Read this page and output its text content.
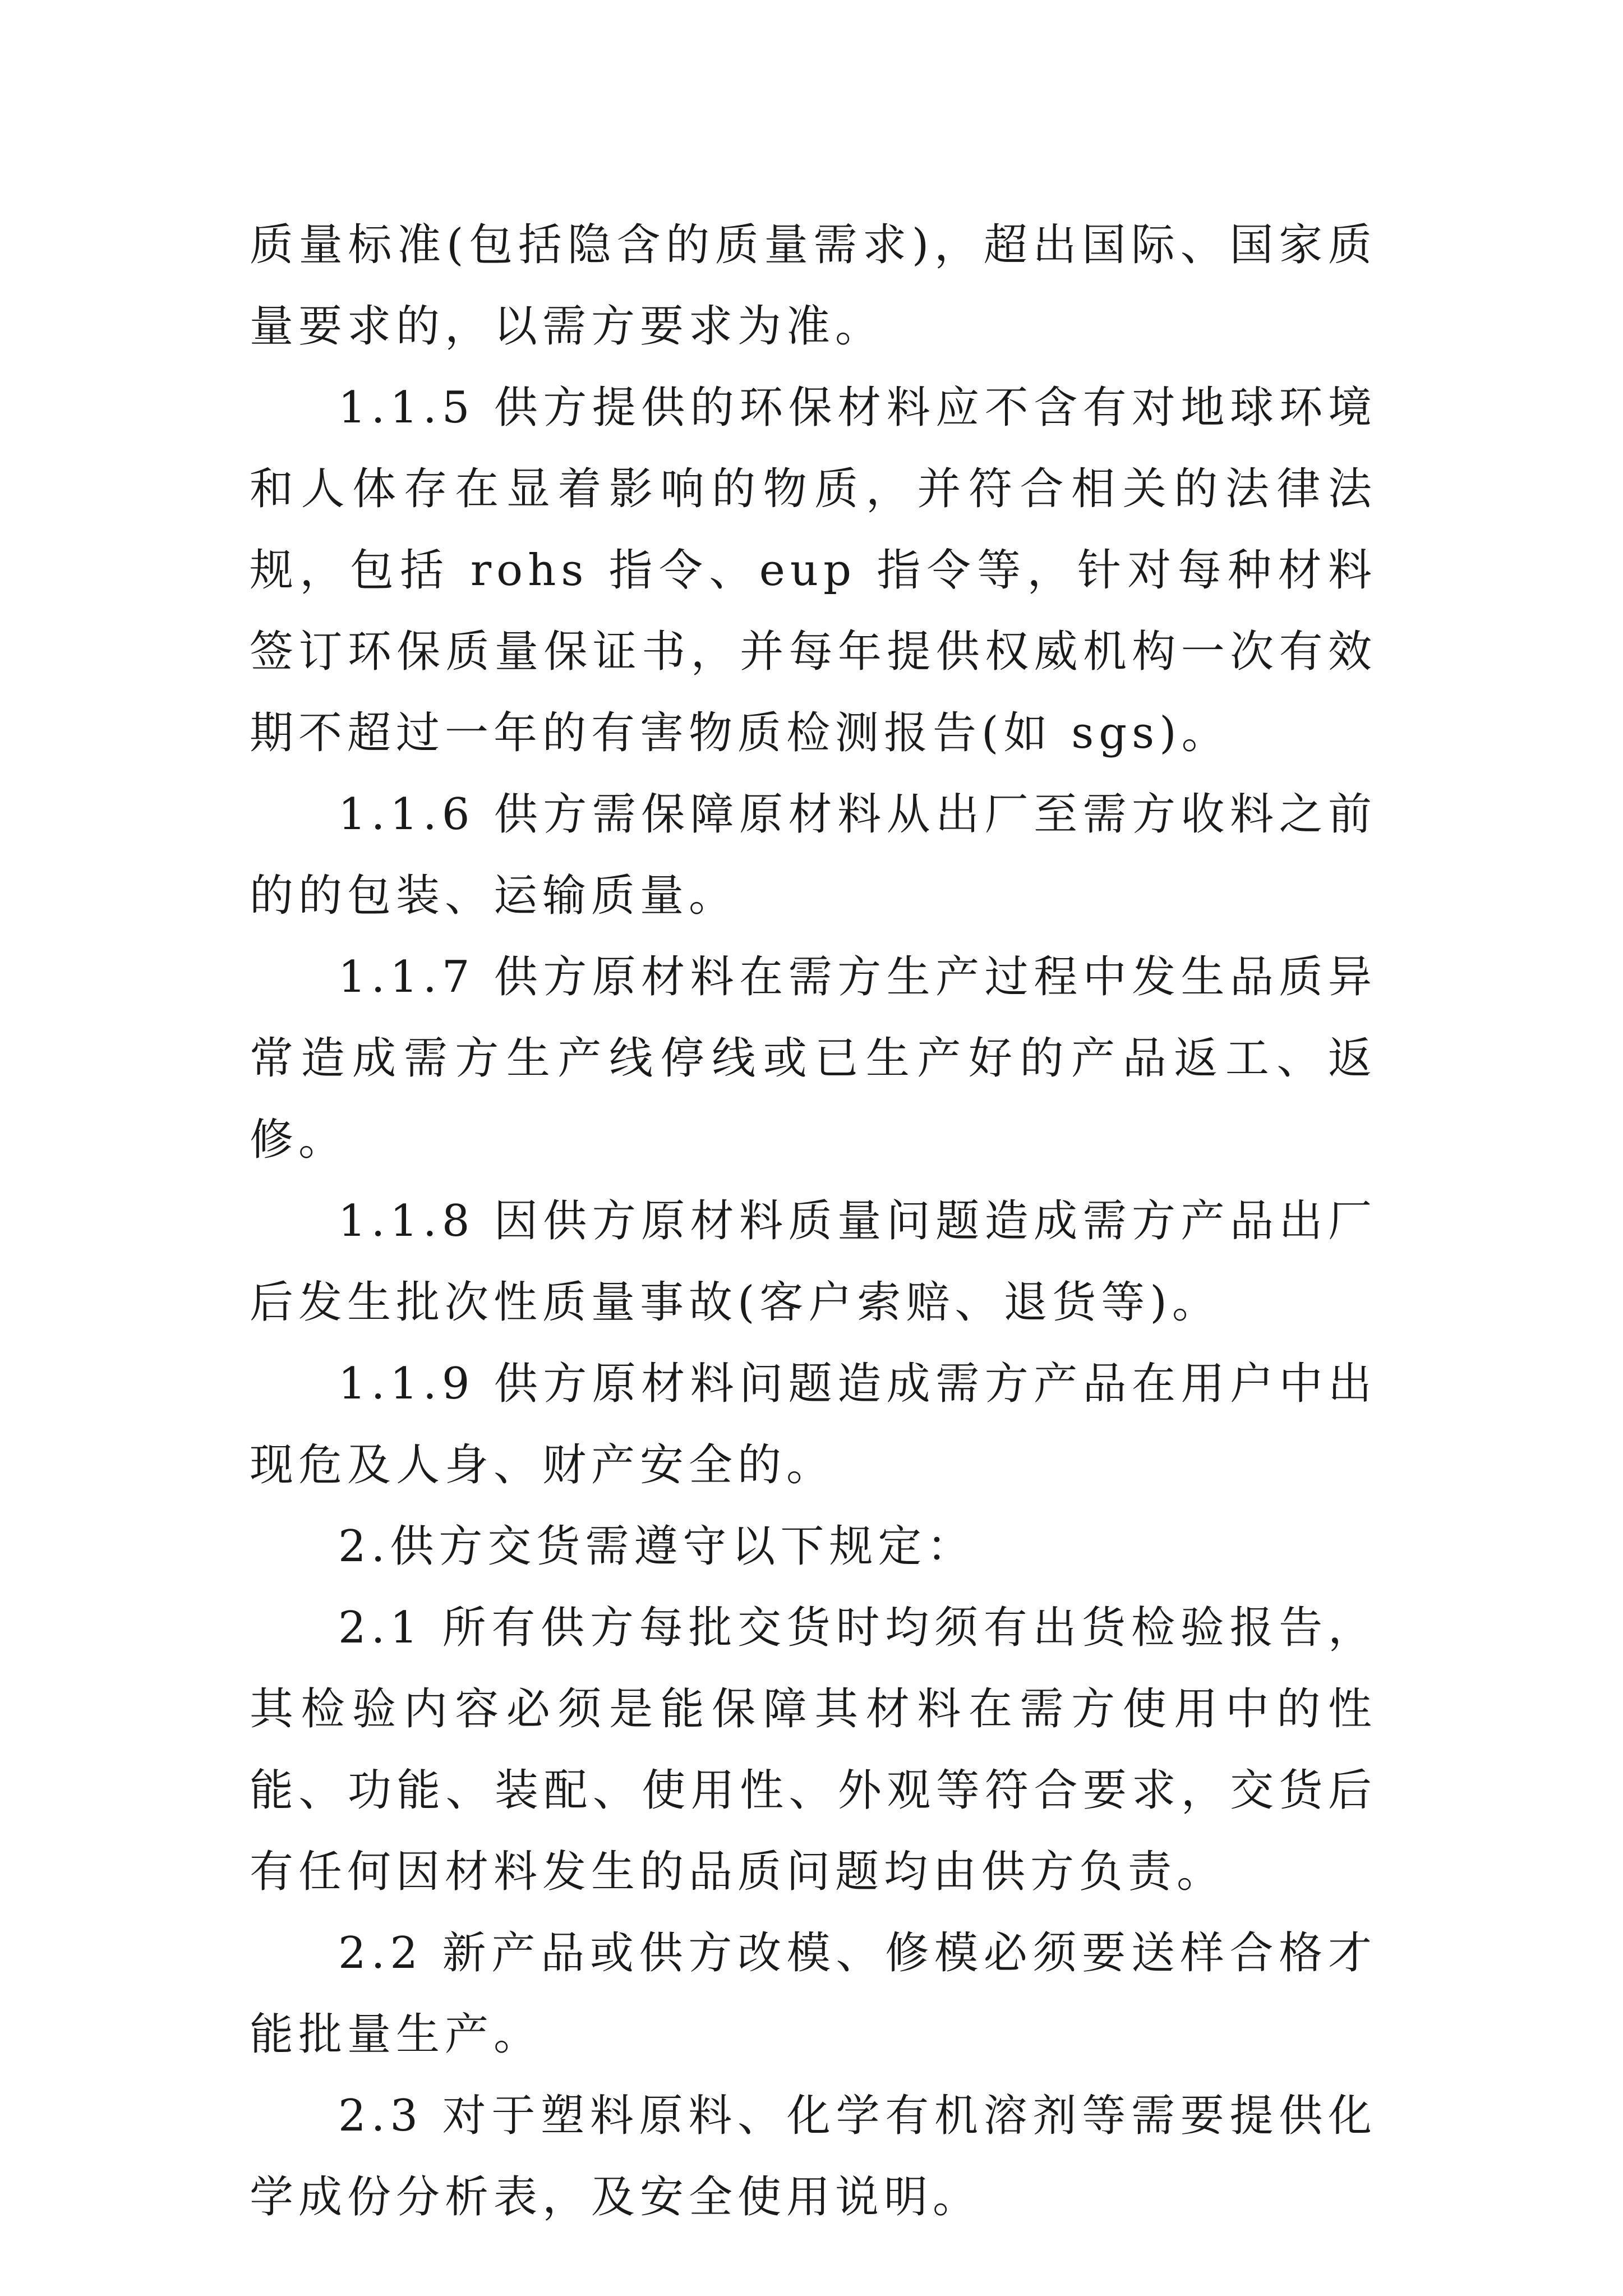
质量标准(包括隐含的质量需求)，超出国际、国家质量要求的，以需方要求为准。

1.1.5 供方提供的环保材料应不含有对地球环境和人体存在显着影响的物质，并符合相关的法律法规，包括 rohs 指令、eup 指令等，针对每种材料签订环保质量保证书，并每年提供权威机构一次有效期不超过一年的有害物质检测报告(如 sgs)。

1.1.6 供方需保障原材料从出厂至需方收料之前的的包装、运输质量。

1.1.7 供方原材料在需方生产过程中发生品质异常造成需方生产线停线或已生产好的产品返工、返修。

1.1.8 因供方原材料质量问题造成需方产品出厂后发生批次性质量事故(客户索赔、退货等)。

1.1.9 供方原材料问题造成需方产品在用户中出现危及人身、财产安全的。

2.供方交货需遵守以下规定：

2.1 所有供方每批交货时均须有出货检验报告，其检验内容必须是能保障其材料在需方使用中的性能、功能、装配、使用性、外观等符合要求，交货后有任何因材料发生的品质问题均由供方负责。

2.2 新产品或供方改模、修模必须要送样合格才能批量生产。

2.3 对于塑料原料、化学有机溶剂等需要提供化学成份分析表，及安全使用说明。
